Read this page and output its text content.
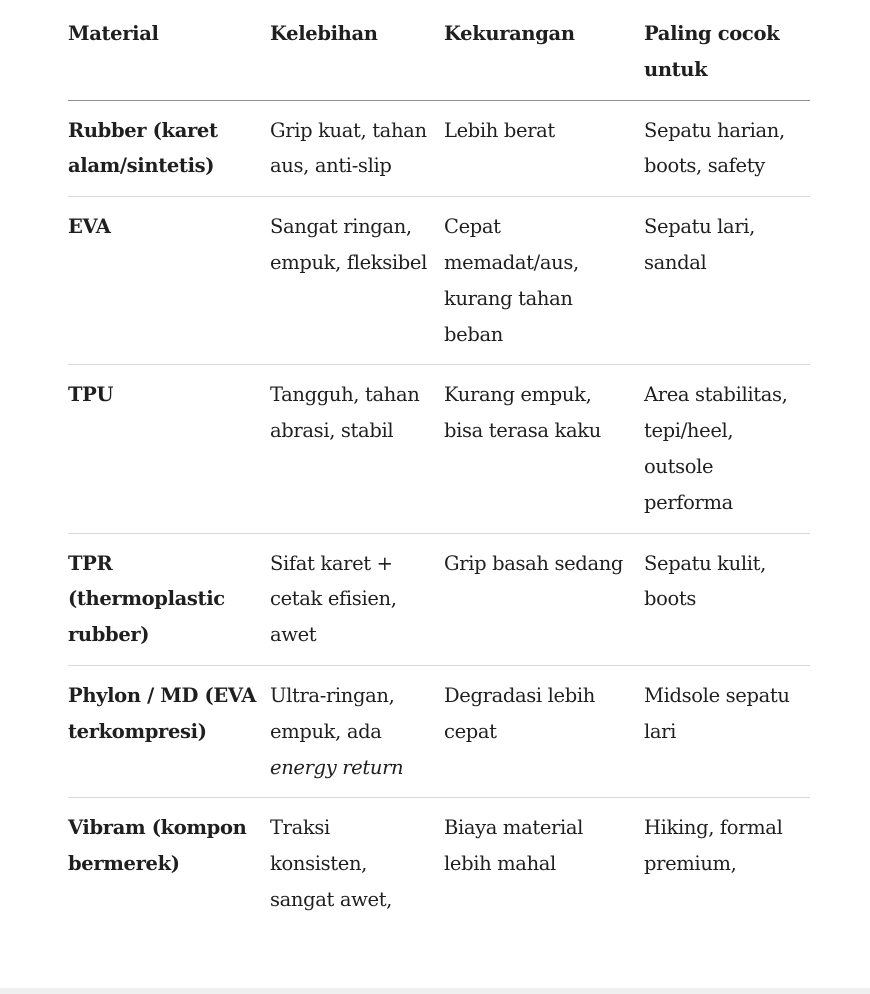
Material	Kelebihan	Kekurangan	Paling cocok untuk
Rubber (karet alam/sintetis)	Grip kuat, tahan aus, anti-slip	Lebih berat	Sepatu harian, boots, safety
EVA	Sangat ringan, empuk, fleksibel	Cepat memadat/aus, kurang tahan beban	Sepatu lari, sandal
TPU	Tangguh, tahan abrasi, stabil	Kurang empuk, bisa terasa kaku	Area stabilitas, tepi/heel, outsole performa
TPR (thermoplastic rubber)	Sifat karet + cetak efisien, awet	Grip basah sedang	Sepatu kulit, boots
Phylon / MD (EVA terkompresi)	Ultra-ringan, empuk, ada energy return	Degradasi lebih cepat	Midsole sepatu lari
Vibram (kompon bermerek)	Traksi konsisten, sangat awet,	Biaya material lebih mahal	Hiking, formal premium,
